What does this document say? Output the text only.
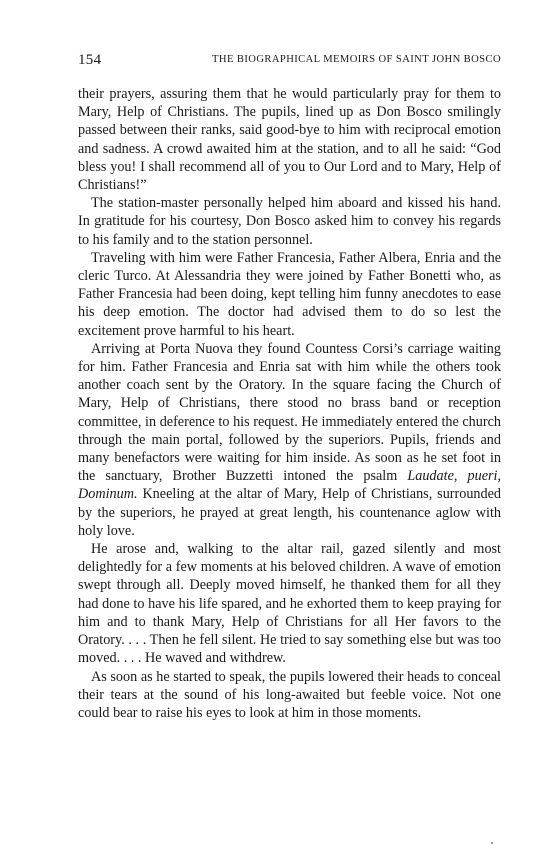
154	THE BIOGRAPHICAL MEMOIRS OF SAINT JOHN BOSCO

their prayers, assuring them that he would particularly pray for them to Mary, Help of Christians. The pupils, lined up as Don Bosco smilingly passed between their ranks, said good-bye to him with reciprocal emotion and sadness. A crowd awaited him at the station, and to all he said: “God bless you! I shall recommend all of you to Our Lord and to Mary, Help of Christians!”

The station-master personally helped him aboard and kissed his hand. In gratitude for his courtesy, Don Bosco asked him to convey his regards to his family and to the station personnel.

Traveling with him were Father Francesia, Father Albera, Enria and the cleric Turco. At Alessandria they were joined by Father Bonetti who, as Father Francesia had been doing, kept telling him funny anecdotes to ease his deep emotion. The doctor had advised them to do so lest the excitement prove harmful to his heart.

Arriving at Porta Nuova they found Countess Corsi’s carriage waiting for him. Father Francesia and Enria sat with him while the others took another coach sent by the Oratory. In the square facing the Church of Mary, Help of Christians, there stood no brass band or reception committee, in deference to his request. He immediately entered the church through the main portal, followed by the superiors. Pupils, friends and many benefactors were waiting for him inside. As soon as he set foot in the sanctuary, Brother Buzzetti intoned the psalm Laudate, pueri, Dominum. Kneeling at the altar of Mary, Help of Christians, surrounded by the superiors, he prayed at great length, his countenance aglow with holy love.

He arose and, walking to the altar rail, gazed silently and most delightedly for a few moments at his beloved children. A wave of emotion swept through all. Deeply moved himself, he thanked them for all they had done to have his life spared, and he exhorted them to keep praying for him and to thank Mary, Help of Christians for all Her favors to the Oratory. . . . Then he fell silent. He tried to say something else but was too moved. . . . He waved and withdrew.

As soon as he started to speak, the pupils lowered their heads to conceal their tears at the sound of his long-awaited but feeble voice. Not one could bear to raise his eyes to look at him in those moments.
